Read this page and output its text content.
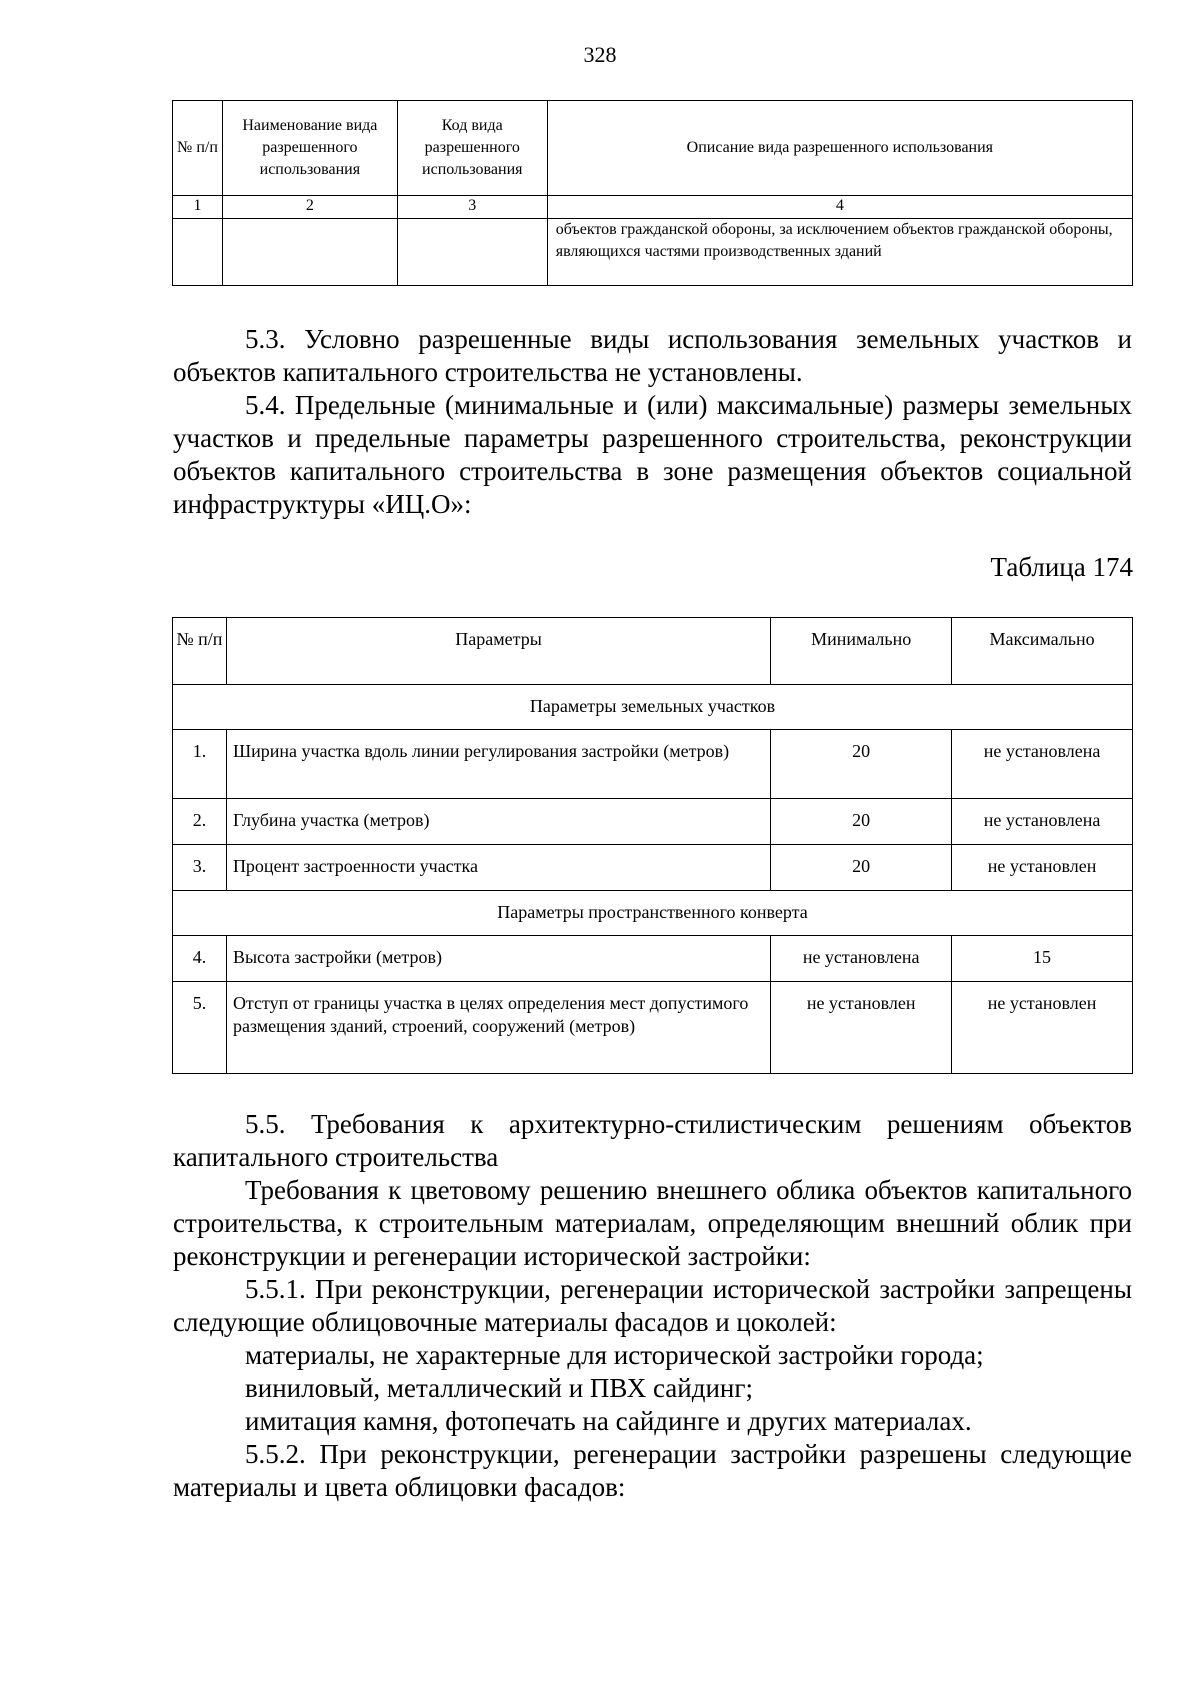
328
№ п/п	Наименование вида разрешенного использования	Код вида разрешенного использования	Описание вида разрешенного использования
1	2	3	4
			объектов гражданской обороны, за исключением объектов гражданской обороны, являющихся частями производственных зданий

5.3. Условно разрешенные виды использования земельных участков и объектов капитального строительства не установлены.

5.4. Предельные (минимальные и (или) максимальные) размеры земельных участков и предельные параметры разрешенного строительства, реконструкции объектов капитального строительства в зоне размещения объектов социальной инфраструктуры «ИЦ.О»:

Таблица 174
№ п/п	Параметры	Минимально	Максимально
Параметры земельных участков			
1.	Ширина участка вдоль линии регулирования застройки (метров)	20	не установлена
2.	Глубина участка (метров)	20	не установлена
3.	Процент застроенности участка	20	не установлен
Параметры пространственного конверта			
4.	Высота застройки (метров)	не установлена	15
5.	Отступ от границы участка в целях определения мест допустимого размещения зданий, строений, сооружений (метров)	не установлен	не установлен

5.5. Требования к архитектурно-стилистическим решениям объектов капитального строительства

Требования к цветовому решению внешнего облика объектов капитального строительства, к строительным материалам, определяющим внешний облик при реконструкции и регенерации исторической застройки:

5.5.1. При реконструкции, регенерации исторической застройки запрещены следующие облицовочные материалы фасадов и цоколей:

материалы, не характерные для исторической застройки города;

виниловый, металлический и ПВХ сайдинг;

имитация камня, фотопечать на сайдинге и других материалах.

5.5.2. При реконструкции, регенерации застройки разрешены следующие материалы и цвета облицовки фасадов:
